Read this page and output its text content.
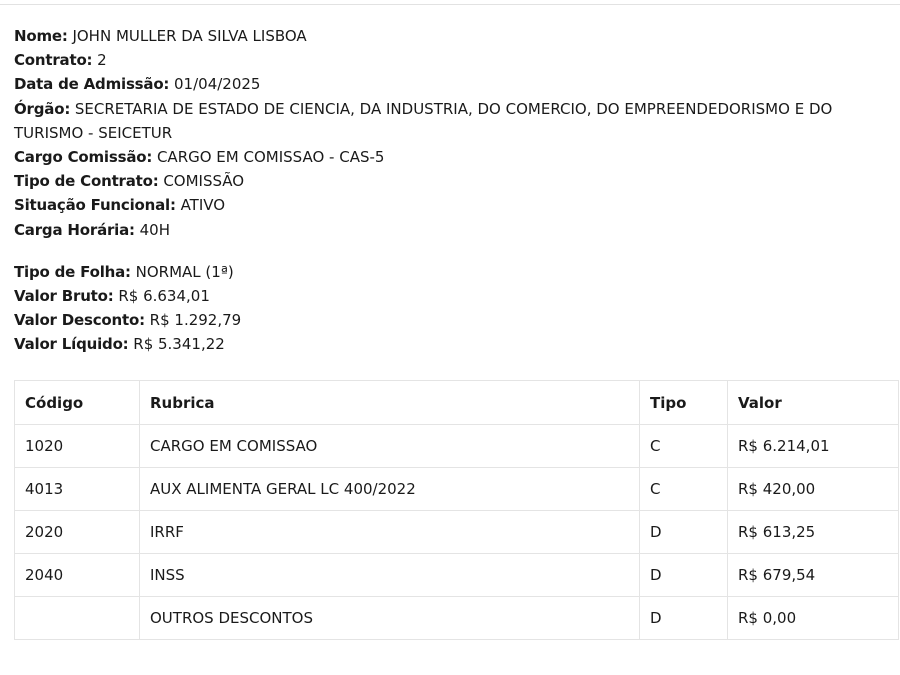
Nome: JOHN MULLER DA SILVA LISBOA
Contrato: 2
Data de Admissão: 01/04/2025
Órgão: SECRETARIA DE ESTADO DE CIENCIA, DA INDUSTRIA, DO COMERCIO, DO EMPREENDEDORISMO E DO TURISMO - SEICETUR
Cargo Comissão: CARGO EM COMISSAO - CAS-5
Tipo de Contrato: COMISSÃO
Situação Funcional: ATIVO
Carga Horária: 40H
Tipo de Folha: NORMAL (1ª)
Valor Bruto: R$ 6.634,01
Valor Desconto: R$ 1.292,79
Valor Líquido: R$ 5.341,22
Código	Rubrica	Tipo	Valor
1020	CARGO EM COMISSAO	C	R$ 6.214,01
4013	AUX ALIMENTA GERAL LC 400/2022	C	R$ 420,00
2020	IRRF	D	R$ 613,25
2040	INSS	D	R$ 679,54
	OUTROS DESCONTOS	D	R$ 0,00
